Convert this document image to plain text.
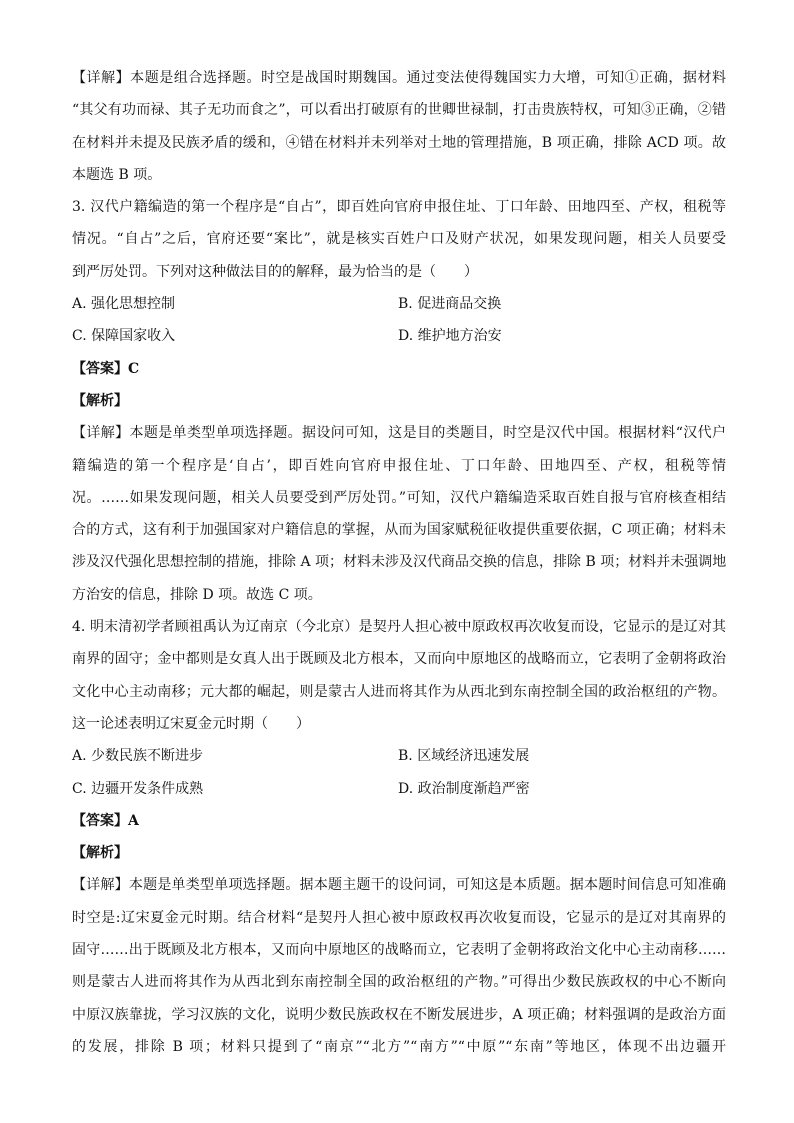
【详解】本题是组合选择题。时空是战国时期魏国。通过变法使得魏国实力大增，可知①正确，据材料
“其父有功而禄、其子无功而食之”，可以看出打破原有的世卿世禄制，打击贵族特权，可知③正确，②错
在材料并未提及民族矛盾的缓和，④错在材料并未列举对土地的管理措施，B 项正确，排除 ACD 项。故
本题选 B 项。
3. 汉代户籍编造的第一个程序是“自占”，即百姓向官府申报住址、丁口年龄、田地四至、产权，租税等
情况。“自占”之后，官府还要“案比”，就是核实百姓户口及财产状况，如果发现问题，相关人员要受
到严厉处罚。下列对这种做法目的的解释，最为恰当的是（　　）
A. 强化思想控制	B. 促进商品交换
C. 保障国家收入	D. 维护地方治安
【答案】C
【解析】
【详解】本题是单类型单项选择题。据设问可知，这是目的类题目，时空是汉代中国。根据材料“汉代户
籍编造的第一个程序是‘自占’，即百姓向官府申报住址、丁口年龄、田地四至、产权，租税等情
况。……如果发现问题，相关人员要受到严厉处罚。”可知，汉代户籍编造采取百姓自报与官府核查相结
合的方式，这有利于加强国家对户籍信息的掌握，从而为国家赋税征收提供重要依据，C 项正确；材料未
涉及汉代强化思想控制的措施，排除 A 项；材料未涉及汉代商品交换的信息，排除 B 项；材料并未强调地
方治安的信息，排除 D 项。故选 C 项。
4. 明末清初学者顾祖禹认为辽南京（今北京）是契丹人担心被中原政权再次收复而设，它显示的是辽对其
南界的固守；金中都则是女真人出于既顾及北方根本，又而向中原地区的战略而立，它表明了金朝将政治
文化中心主动南移；元大都的崛起，则是蒙古人进而将其作为从西北到东南控制全国的政治枢纽的产物。
这一论述表明辽宋夏金元时期（　　）
A. 少数民族不断进步	B. 区域经济迅速发展
C. 边疆开发条件成熟	D. 政治制度渐趋严密
【答案】A
【解析】
【详解】本题是单类型单项选择题。据本题主题干的设问词，可知这是本质题。据本题时间信息可知准确
时空是:辽宋夏金元时期。结合材料“是契丹人担心被中原政权再次收复而设，它显示的是辽对其南界的
固守……出于既顾及北方根本，又而向中原地区的战略而立，它表明了金朝将政治文化中心主动南移……
则是蒙古人进而将其作为从西北到东南控制全国的政治枢纽的产物。”可得出少数民族政权的中心不断向
中原汉族靠拢，学习汉族的文化，说明少数民族政权在不断发展进步，A 项正确；材料强调的是政治方面
的发展，排除 B 项；材料只提到了“南京”“北方”“南方”“中原”“东南”等地区，体现不出边疆开
